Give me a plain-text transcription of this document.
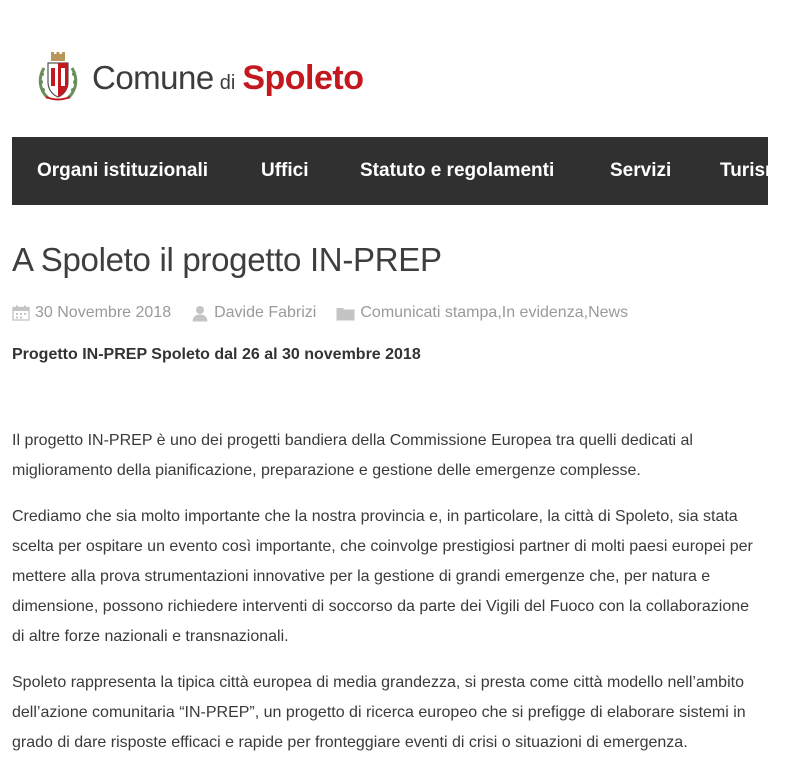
Comune di Spoleto
Organi istituzionali	Uffici	Statuto e regolamenti	Servizi	Turismo
A Spoleto il progetto IN-PREP
30 Novembre 2018	Davide Fabrizi	Comunicati stampa , In evidenza , News
Progetto IN-PREP Spoleto dal 26 al 30 novembre 2018

Il progetto IN-PREP è uno dei progetti bandiera della Commissione Europea tra quelli dedicati al miglioramento della pianificazione, preparazione e gestione delle emergenze complesse.

Crediamo che sia molto importante che la nostra provincia e, in particolare, la città di Spoleto, sia stata scelta per ospitare un evento così importante, che coinvolge prestigiosi partner di molti paesi europei per mettere alla prova strumentazioni innovative per la gestione di grandi emergenze che, per natura e dimensione, possono richiedere interventi di soccorso da parte dei Vigili del Fuoco con la collaborazione di altre forze nazionali e transnazionali.

Spoleto rappresenta la tipica città europea di media grandezza, si presta come città modello nell’ambito dell’azione comunitaria “IN-PREP”, un progetto di ricerca europeo che si prefigge di elaborare sistemi in grado di dare risposte efficaci e rapide per fronteggiare eventi di crisi o situazioni di emergenza.
